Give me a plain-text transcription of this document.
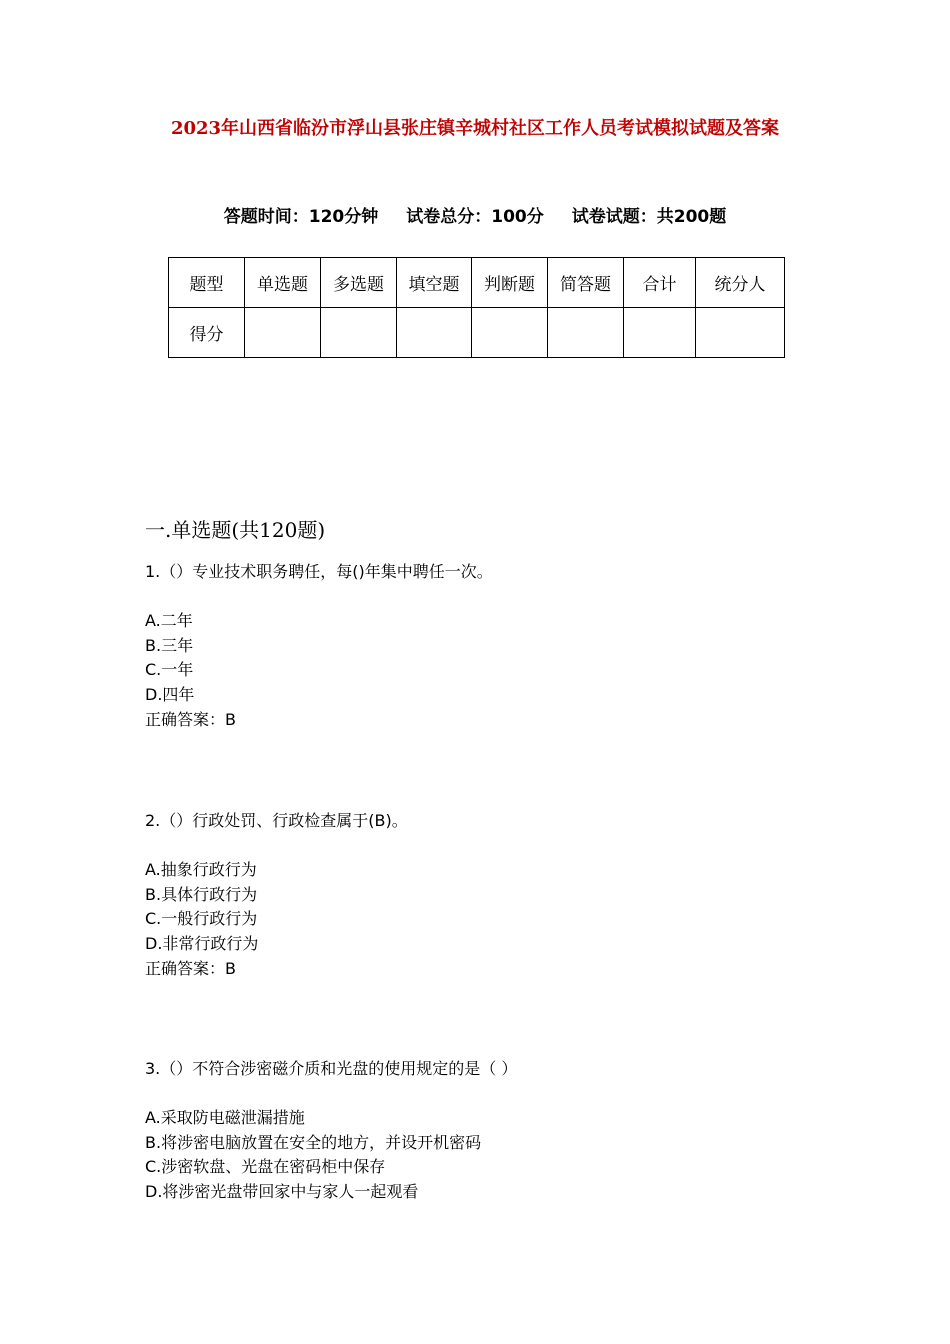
2023年山西省临汾市浮山县张庄镇辛城村社区工作人员考试模拟试题及答案
答题时间：120分钟 试卷总分：100分 试卷试题：共200题
题型	单选题	多选题	填空题	判断题	简答题	合计	统分人
得分							
一.单选题(共120题)
1.（）专业技术职务聘任，每()年集中聘任一次。
A.二年
B.三年
C.一年
D.四年
正确答案：B
2.（）行政处罚、行政检查属于(B)。
A.抽象行政行为
B.具体行政行为
C.一般行政行为
D.非常行政行为
正确答案：B
3.（）不符合涉密磁介质和光盘的使用规定的是（ ）
A.采取防电磁泄漏措施
B.将涉密电脑放置在安全的地方，并设开机密码
C.涉密软盘、光盘在密码柜中保存
D.将涉密光盘带回家中与家人一起观看
